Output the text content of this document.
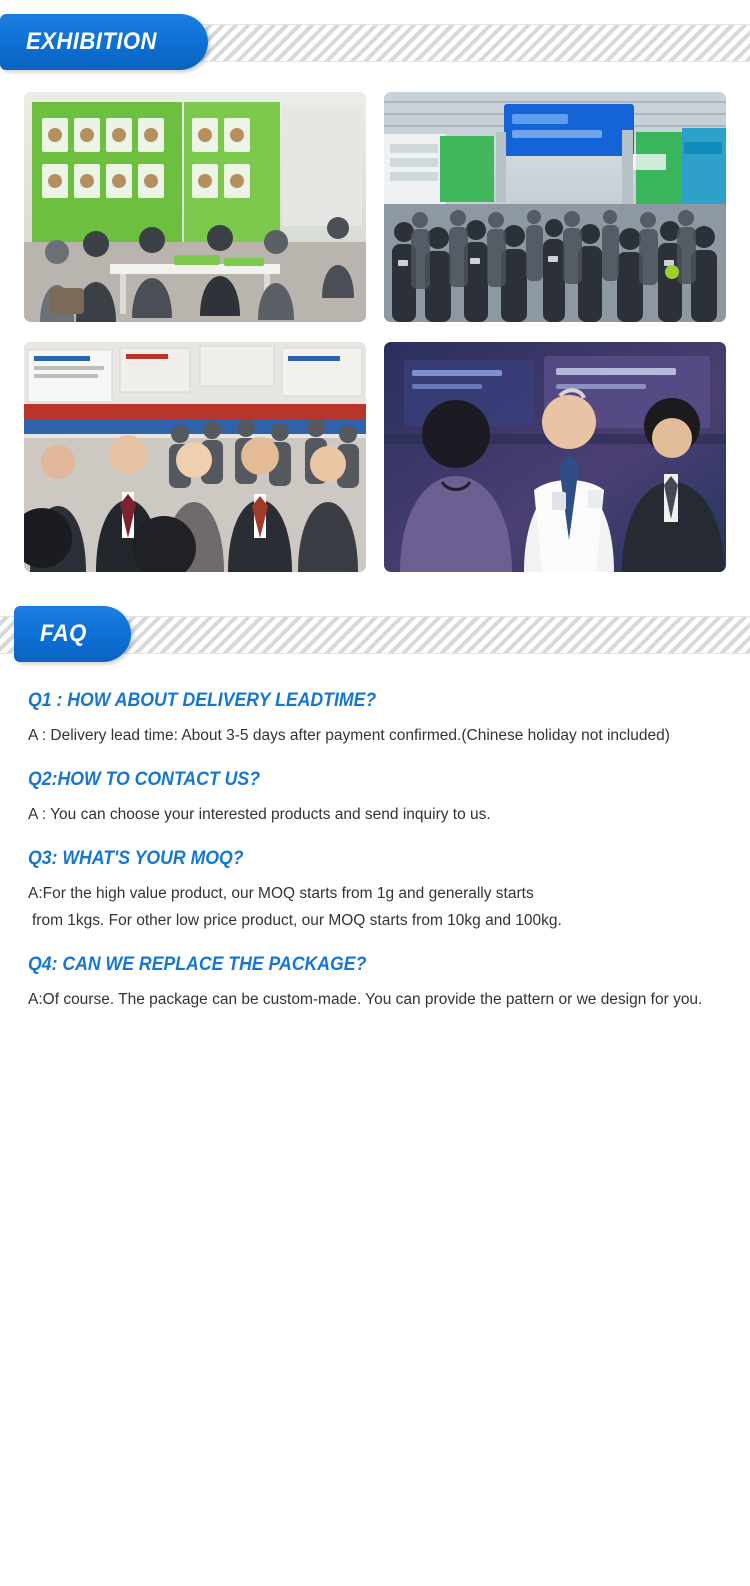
EXHIBITION
FAQ

Q1 : HOW ABOUT DELIVERY LEADTIME?

A : Delivery lead time: About 3-5 days after payment confirmed.(Chinese holiday not included)

Q2:HOW TO CONTACT US?

A : You can choose your interested products and send inquiry to us.

Q3: WHAT'S YOUR MOQ?

A:For the high value product, our MOQ starts from 1g and generally starts

from 1kgs. For other low price product, our MOQ starts from 10kg and 100kg.

Q4: CAN WE REPLACE THE PACKAGE?

A:Of course. The package can be custom-made. You can provide the pattern or we design for you.
